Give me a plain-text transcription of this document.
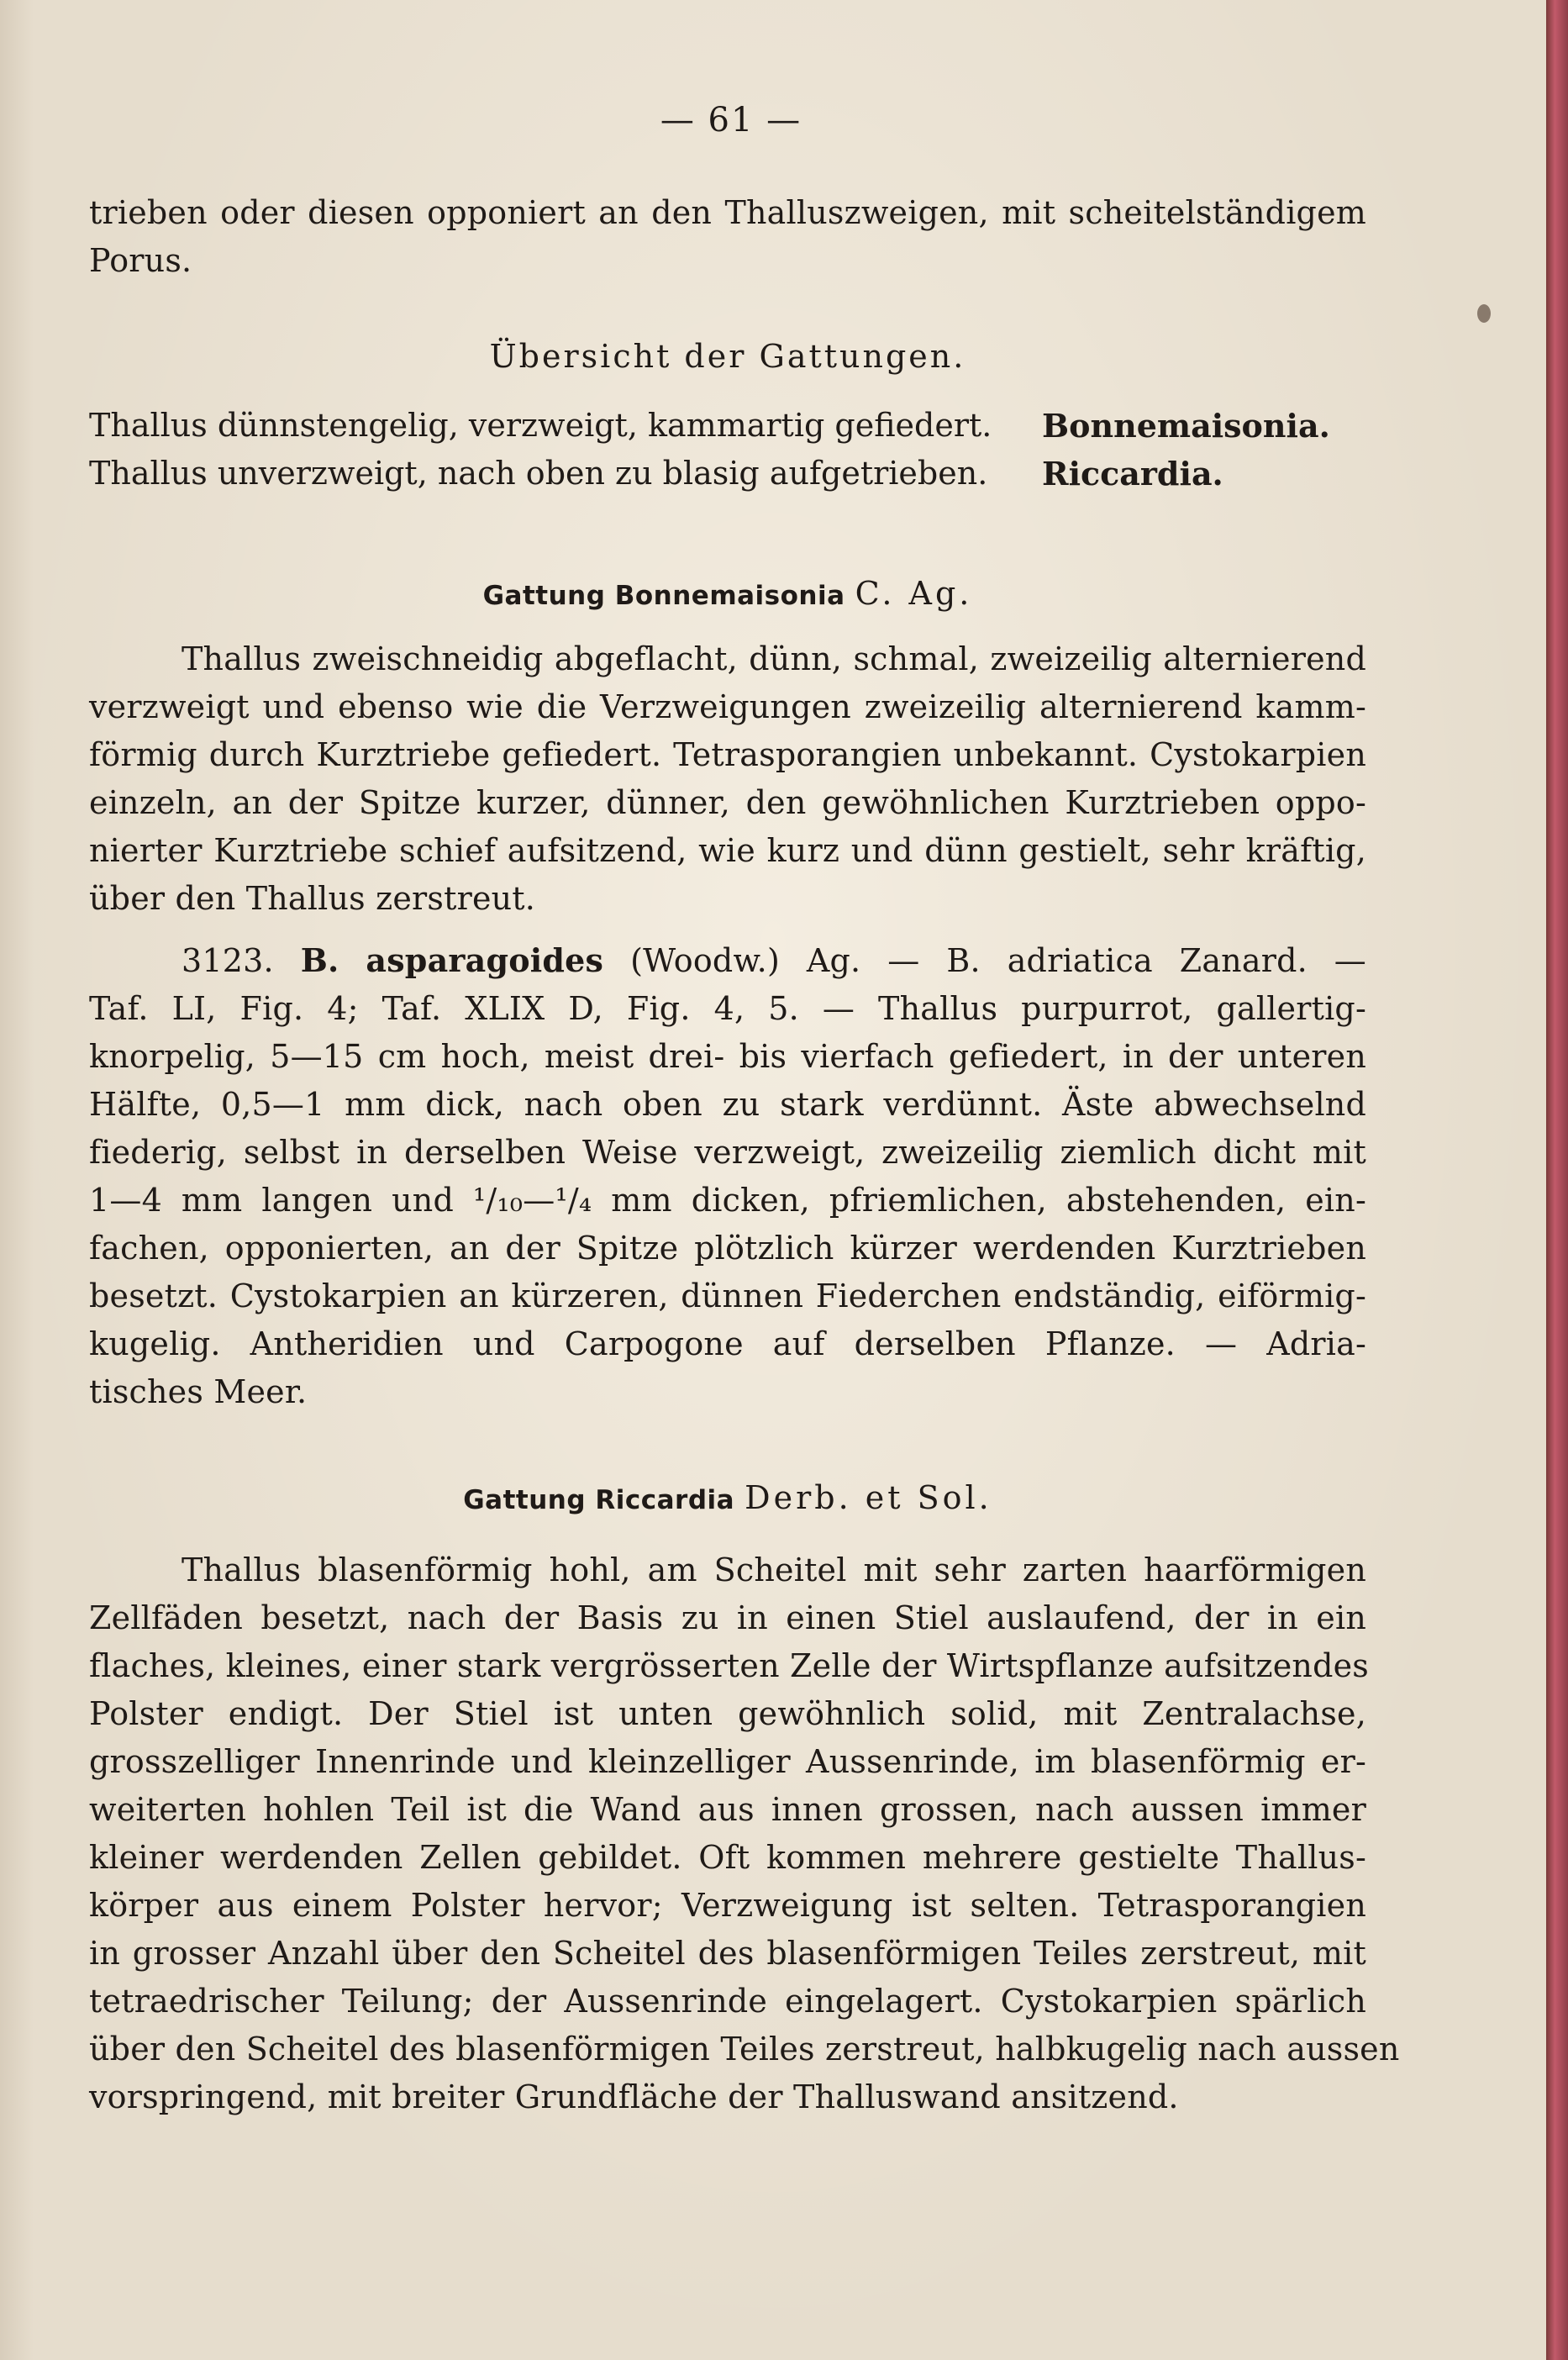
— 61 —
trieben oder diesen opponiert an den Thalluszweigen, mit scheitelständigem
Porus.
Übersicht der Gattungen.
Thallus dünnstengelig, verzweigt, kammartig gefiedert. Bonnemaisonia.
Thallus unverzweigt, nach oben zu blasig aufgetrieben. Riccardia.
Gattung Bonnemaisonia C. Ag.
Thallus zweischneidig abgeflacht, dünn, schmal, zweizeilig alternierend
verzweigt und ebenso wie die Verzweigungen zweizeilig alternierend kamm-
förmig durch Kurztriebe gefiedert. Tetrasporangien unbekannt. Cystokarpien
einzeln, an der Spitze kurzer, dünner, den gewöhnlichen Kurztrieben oppo-
nierter Kurztriebe schief aufsitzend, wie kurz und dünn gestielt, sehr kräftig,
über den Thallus zerstreut.
3123. B. asparagoides (Woodw.) Ag. — B. adriatica Zanard. —
Taf. LI, Fig. 4; Taf. XLIX D, Fig. 4, 5. — Thallus purpurrot, gallertig-
knorpelig, 5—15 cm hoch, meist drei- bis vierfach gefiedert, in der unteren
Hälfte, 0,5—1 mm dick, nach oben zu stark verdünnt. Äste abwechselnd
fiederig, selbst in derselben Weise verzweigt, zweizeilig ziemlich dicht mit
1—4 mm langen und ¹/₁₀—¹/₄ mm dicken, pfriemlichen, abstehenden, ein-
fachen, opponierten, an der Spitze plötzlich kürzer werdenden Kurztrieben
besetzt. Cystokarpien an kürzeren, dünnen Fiederchen endständig, eiförmig-
kugelig. Antheridien und Carpogone auf derselben Pflanze. — Adria-
tisches Meer.
Gattung Riccardia Derb. et Sol.
Thallus blasenförmig hohl, am Scheitel mit sehr zarten haarförmigen
Zellfäden besetzt, nach der Basis zu in einen Stiel auslaufend, der in ein
flaches, kleines, einer stark vergrösserten Zelle der Wirtspflanze aufsitzendes
Polster endigt. Der Stiel ist unten gewöhnlich solid, mit Zentralachse,
grosszelliger Innenrinde und kleinzelliger Aussenrinde, im blasenförmig er-
weiterten hohlen Teil ist die Wand aus innen grossen, nach aussen immer
kleiner werdenden Zellen gebildet. Oft kommen mehrere gestielte Thallus-
körper aus einem Polster hervor; Verzweigung ist selten. Tetrasporangien
in grosser Anzahl über den Scheitel des blasenförmigen Teiles zerstreut, mit
tetraedrischer Teilung; der Aussenrinde eingelagert. Cystokarpien spärlich
über den Scheitel des blasenförmigen Teiles zerstreut, halbkugelig nach aussen
vorspringend, mit breiter Grundfläche der Thalluswand ansitzend.
